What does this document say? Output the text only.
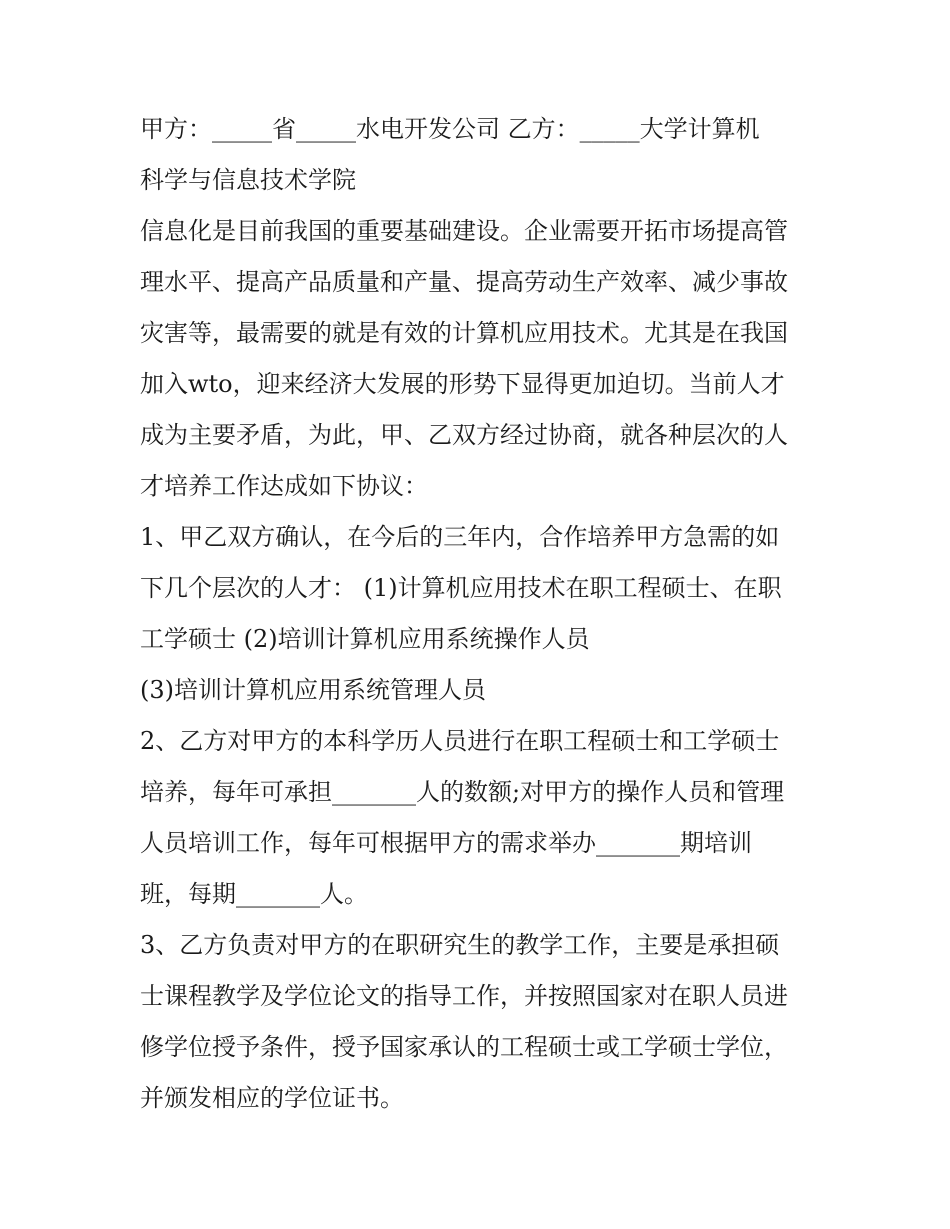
甲方：_____省_____水电开发公司 乙方：_____大学计算机
科学与信息技术学院
信息化是目前我国的重要基础建设。企业需要开拓市场提高管
理水平、提高产品质量和产量、提高劳动生产效率、减少事故
灾害等，最需要的就是有效的计算机应用技术。尤其是在我国
加入wto，迎来经济大发展的形势下显得更加迫切。当前人才
成为主要矛盾，为此，甲、乙双方经过协商，就各种层次的人
才培养工作达成如下协议：
1、甲乙双方确认，在今后的三年内，合作培养甲方急需的如
下几个层次的人才： (1)计算机应用技术在职工程硕士、在职
工学硕士 (2)培训计算机应用系统操作人员
(3)培训计算机应用系统管理人员
2、乙方对甲方的本科学历人员进行在职工程硕士和工学硕士
培养，每年可承担_______人的数额;对甲方的操作人员和管理
人员培训工作，每年可根据甲方的需求举办_______期培训
班，每期_______人。
3、乙方负责对甲方的在职研究生的教学工作，主要是承担硕
士课程教学及学位论文的指导工作，并按照国家对在职人员进
修学位授予条件，授予国家承认的工程硕士或工学硕士学位，
并颁发相应的学位证书。
